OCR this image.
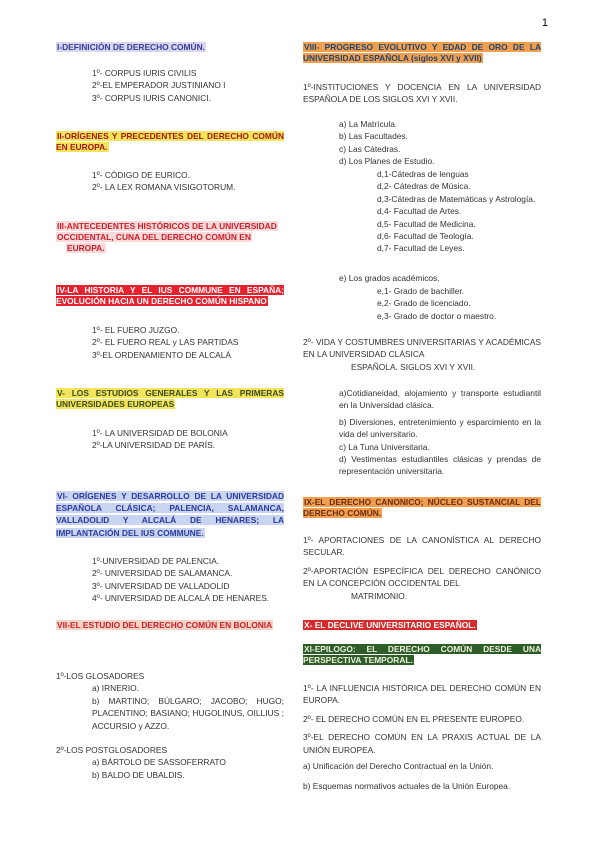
1
I-DEFINICIÓN DE DERECHO COMÚN.
1º- CORPUS IURIS CIVILIS
2º-EL EMPERADOR JUSTINIANO I
3º- CORPUS IURIS CANONICI.
II-ORÍGENES Y PRECEDENTES DEL DERECHO COMÚN EN EUROPA.
1º- CÓDIGO DE EURICO.
2º- LA LEX ROMANA VISIGOTORUM.
III-ANTECEDENTES HISTÓRICOS DE LA UNIVERSIDAD
OCCIDENTAL, CUNA DEL DERECHO COMÚN EN
EUROPA.
IV-LA HISTORIA Y EL IUS COMMUNE EN ESPAÑA; EVOLUCIÓN HACIA UN DERECHO COMÚN HISPANO
1º- EL FUERO JUZGO.
2º- EL FUERO REAL y LAS PARTIDAS
3º-EL ORDENAMIENTO DE ALCALÁ
V- LOS ESTUDIOS GENERALES Y LAS PRIMERAS UNIVERSIDADES EUROPEAS
1º- LA UNIVERSIDAD DE BOLONIA
2º-LA UNIVERSIDAD DE PARÍS.
VI- ORÍGENES Y DESARROLLO DE LA UNIVERSIDAD ESPAÑOLA CLÁSICA; PALENCIA, SALAMANCA, VALLADOLID Y ALCALÁ DE HENARES; LA IMPLANTACIÓN DEL IUS COMMUNE.
1º-UNIVERSIDAD DE PALENCIA.
2º- UNIVERSIDAD DE SALAMANCA.
3º- UNIVERSIDAD DE VALLADOLID
4º- UNIVERSIDAD DE ALCALÁ DE HENARES.
VII-EL ESTUDIO DEL DERECHO COMÚN EN BOLONIA
1º-LOS GLOSADORES
a) IRNERIO.
b) MARTINO; BÚLGARO; JACOBO; HUGO; PLACENTINO; BASIANO; HUGOLINUS, OILLIUS ; ACCURSIO y AZZO.
2º-LOS POSTGLOSADORES
a) BÁRTOLO DE SASSOFERRATO
b) BALDO DE UBALDIS.
VIII- PROGRESO EVOLUTIVO Y EDAD DE ORO DE LA UNIVERSIDAD ESPAÑOLA (siglos XVI y XVII)
1º-INSTITUCIONES Y DOCENCIA EN LA UNIVERSIDAD ESPAÑOLA DE LOS SIGLOS XVI Y XVII.
a) La Matrícula.
b) Las Facultades.
c) Las Cátedras.
d) Los Planes de Estudio.
d,1-Cátedras de lenguas
d,2- Cátedras de Música.
d,3-Cátedras de Matemáticas y Astrología.
d,4- Facultad de Artes.
d,5- Facultad de Medicina.
d,6- Facultad de Teología.
d,7- Facultad de Leyes.
e) Los grados académicos.
e,1- Grado de bachiller.
e,2- Grado de licenciado.
e,3- Grado de doctor o maestro.
2º- VIDA Y COSTUMBRES UNIVERSITARIAS Y ACADÉMICAS EN LA UNIVERSIDAD CLÁSICA
ESPAÑOLA. SIGLOS XVI Y XVII.
a)Cotidianeidad, alojamiento y transporte estudiantil en la Universidad clásica.
b) Diversiones, entretenimiento y esparcimiento en la vida del universitario.
c) La Tuna Universitaria.
d) Vestimentas estudiantiles clásicas y prendas de representación universitaria.
IX-EL DERECHO CANONICO; NÚCLEO SUSTANCIAL DEL DERECHO COMÚN.
1º- APORTACIONES DE LA CANONÍSTICA AL DERECHO SECULAR.
2º-APORTACIÓN ESPECÍFICA DEL DERECHO CANÓNICO EN LA CONCEPCIÓN OCCIDENTAL DEL
MATRIMONIO.
X- EL DECLIVE UNIVERSITARIO ESPAÑOL.
XI-EPILOGO: EL DERECHO COMÚN DESDE UNA PERSPECTIVA TEMPORAL.
1º- LA INFLUENCIA HISTÓRICA DEL DERECHO COMÚN EN EUROPA.
2º- EL DERECHO COMÚN EN EL PRESENTE EUROPEO.
3º-EL DERECHO COMÚN EN LA PRAXIS ACTUAL DE LA UNIÓN EUROPEA.
a) Unificación del Derecho Contractual en la Unión.
b) Esquemas normativos actuales de la Unión Europea.
